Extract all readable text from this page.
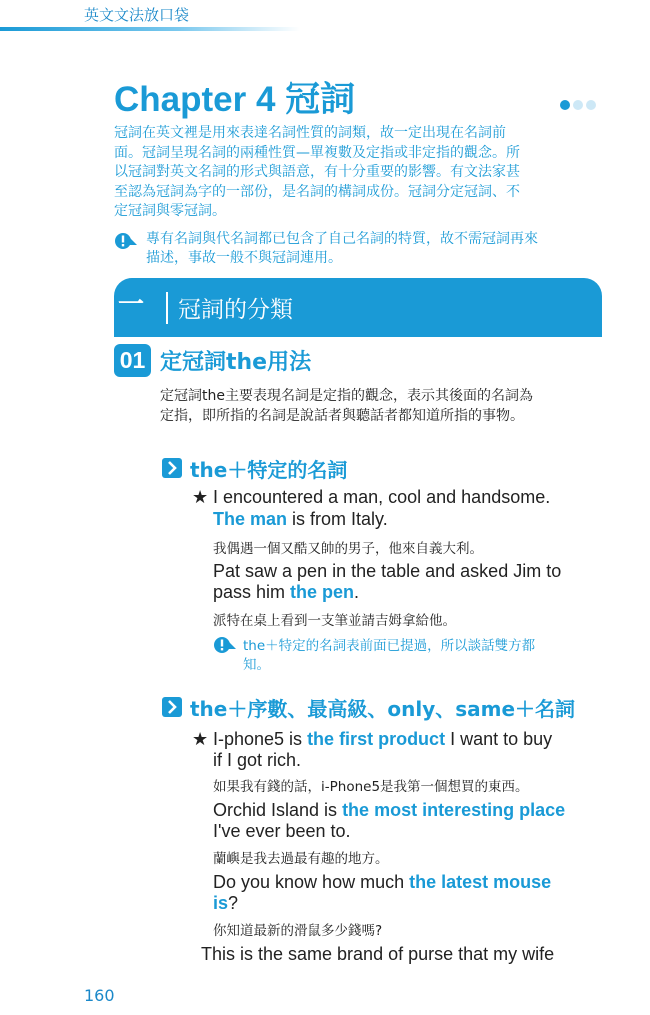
英文文法放口袋
Chapter 4 冠詞
冠詞在英文裡是用來表達名詞性質的詞類，故一定出現在名詞前
面。冠詞呈現名詞的兩種性質—單複數及定指或非定指的觀念。所
以冠詞對英文名詞的形式與語意，有十分重要的影響。有文法家甚
至認為冠詞為字的一部份，是名詞的構詞成份。冠詞分定冠詞、不
定冠詞與零冠詞。
專有名詞與代名詞都已包含了自己名詞的特質，故不需冠詞再來
描述，事故一般不與冠詞連用。
一 冠詞的分類
01 定冠詞the用法
定冠詞the主要表現名詞是定指的觀念，表示其後面的名詞為
定指，即所指的名詞是說話者與聽話者都知道所指的事物。
the＋特定的名詞
★ I encountered a man, cool and handsome.
The man is from Italy.
我偶遇一個又酷又帥的男子，他來自義大利。
Pat saw a pen in the table and asked Jim to
pass him the pen.
派特在桌上看到一支筆並請吉姆拿給他。
the＋特定的名詞表前面已提過，所以談話雙方都
知。
the＋序數、最高級、only、same＋名詞
★ I-phone5 is the first product I want to buy
if I got rich.
如果我有錢的話，i-Phone5是我第一個想買的東西。
Orchid Island is the most interesting place
I've ever been to.
蘭嶼是我去過最有趣的地方。
Do you know how much the latest mouse
is?
你知道最新的滑鼠多少錢嗎?
This is the same brand of purse that my wife
160
